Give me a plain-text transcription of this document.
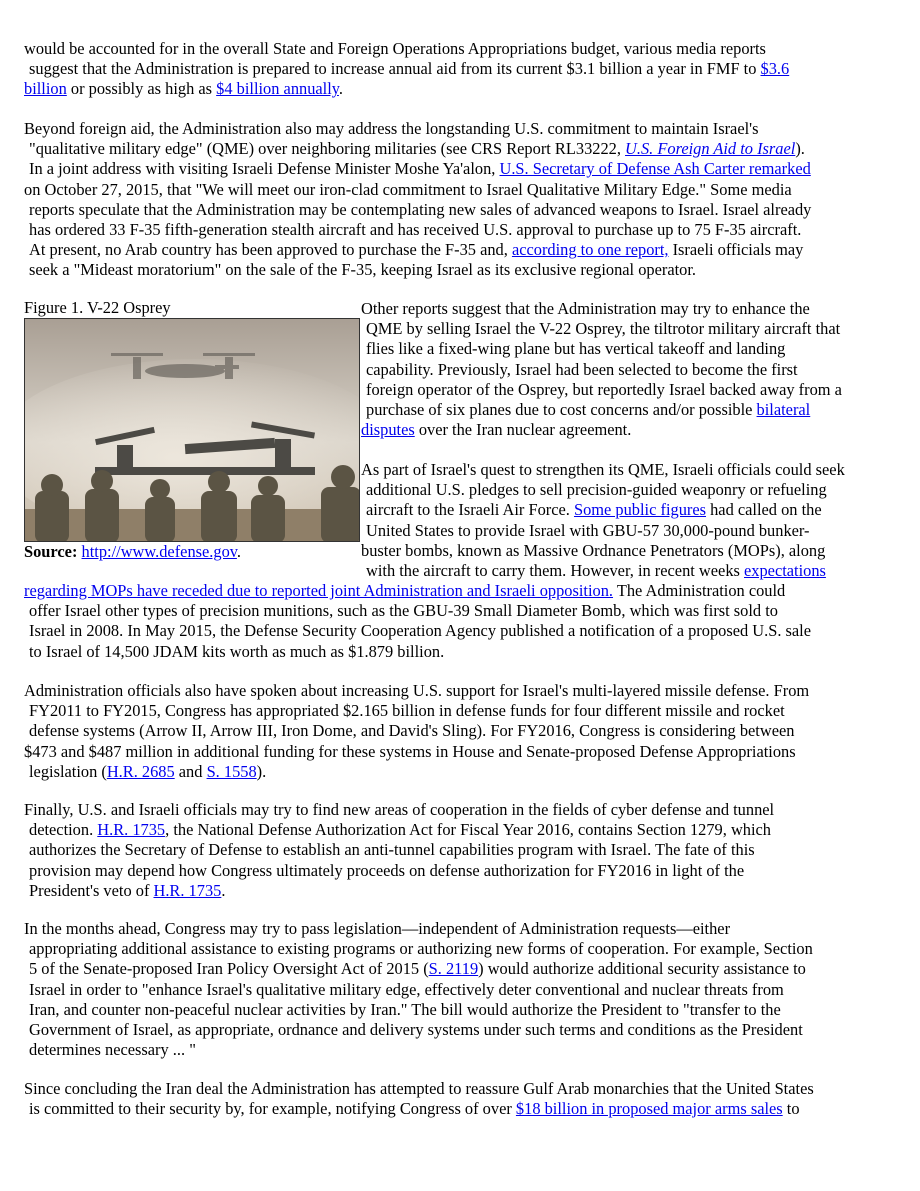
would be accounted for in the overall State and Foreign Operations Appropriations budget, various media reports
suggest that the Administration is prepared to increase annual aid from its current $3.1 billion a year in FMF to $3.6
billion or possibly as high as $4 billion annually.
Beyond foreign aid, the Administration also may address the longstanding U.S. commitment to maintain Israel's
"qualitative military edge" (QME) over neighboring militaries (see CRS Report RL33222, U.S. Foreign Aid to Israel).
In a joint address with visiting Israeli Defense Minister Moshe Ya'alon, U.S. Secretary of Defense Ash Carter remarked
on October 27, 2015, that "We will meet our iron-clad commitment to Israel Qualitative Military Edge." Some media
reports speculate that the Administration may be contemplating new sales of advanced weapons to Israel. Israel already
has ordered 33 F-35 fifth-generation stealth aircraft and has received U.S. approval to purchase up to 75 F-35 aircraft.
At present, no Arab country has been approved to purchase the F-35 and, according to one report, Israeli officials may
seek a "Mideast moratorium" on the sale of the F-35, keeping Israel as its exclusive regional operator.
Figure 1. V-22 Osprey
Source: http://www.defense.gov.
Other reports suggest that the Administration may try to enhance the
QME by selling Israel the V-22 Osprey, the tiltrotor military aircraft that
flies like a fixed-wing plane but has vertical takeoff and landing
capability. Previously, Israel had been selected to become the first
foreign operator of the Osprey, but reportedly Israel backed away from a
purchase of six planes due to cost concerns and/or possible bilateral
disputes over the Iran nuclear agreement.
As part of Israel's quest to strengthen its QME, Israeli officials could seek
additional U.S. pledges to sell precision-guided weaponry or refueling
aircraft to the Israeli Air Force. Some public figures had called on the
United States to provide Israel with GBU-57 30,000-pound bunker-
buster bombs, known as Massive Ordnance Penetrators (MOPs), along
with the aircraft to carry them. However, in recent weeks expectations
regarding MOPs have receded due to reported joint Administration and Israeli opposition. The Administration could
offer Israel other types of precision munitions, such as the GBU-39 Small Diameter Bomb, which was first sold to
Israel in 2008. In May 2015, the Defense Security Cooperation Agency published a notification of a proposed U.S. sale
to Israel of 14,500 JDAM kits worth as much as $1.879 billion.
Administration officials also have spoken about increasing U.S. support for Israel's multi-layered missile defense. From
FY2011 to FY2015, Congress has appropriated $2.165 billion in defense funds for four different missile and rocket
defense systems (Arrow II, Arrow III, Iron Dome, and David's Sling). For FY2016, Congress is considering between
$473 and $487 million in additional funding for these systems in House and Senate-proposed Defense Appropriations
legislation (H.R. 2685 and S. 1558).
Finally, U.S. and Israeli officials may try to find new areas of cooperation in the fields of cyber defense and tunnel
detection. H.R. 1735, the National Defense Authorization Act for Fiscal Year 2016, contains Section 1279, which
authorizes the Secretary of Defense to establish an anti-tunnel capabilities program with Israel. The fate of this
provision may depend how Congress ultimately proceeds on defense authorization for FY2016 in light of the
President's veto of H.R. 1735.
In the months ahead, Congress may try to pass legislation—independent of Administration requests—either
appropriating additional assistance to existing programs or authorizing new forms of cooperation. For example, Section
5 of the Senate-proposed Iran Policy Oversight Act of 2015 (S. 2119) would authorize additional security assistance to
Israel in order to "enhance Israel's qualitative military edge, effectively deter conventional and nuclear threats from
Iran, and counter non-peaceful nuclear activities by Iran." The bill would authorize the President to "transfer to the
Government of Israel, as appropriate, ordnance and delivery systems under such terms and conditions as the President
determines necessary ... "
Since concluding the Iran deal the Administration has attempted to reassure Gulf Arab monarchies that the United States
is committed to their security by, for example, notifying Congress of over $18 billion in proposed major arms sales to
